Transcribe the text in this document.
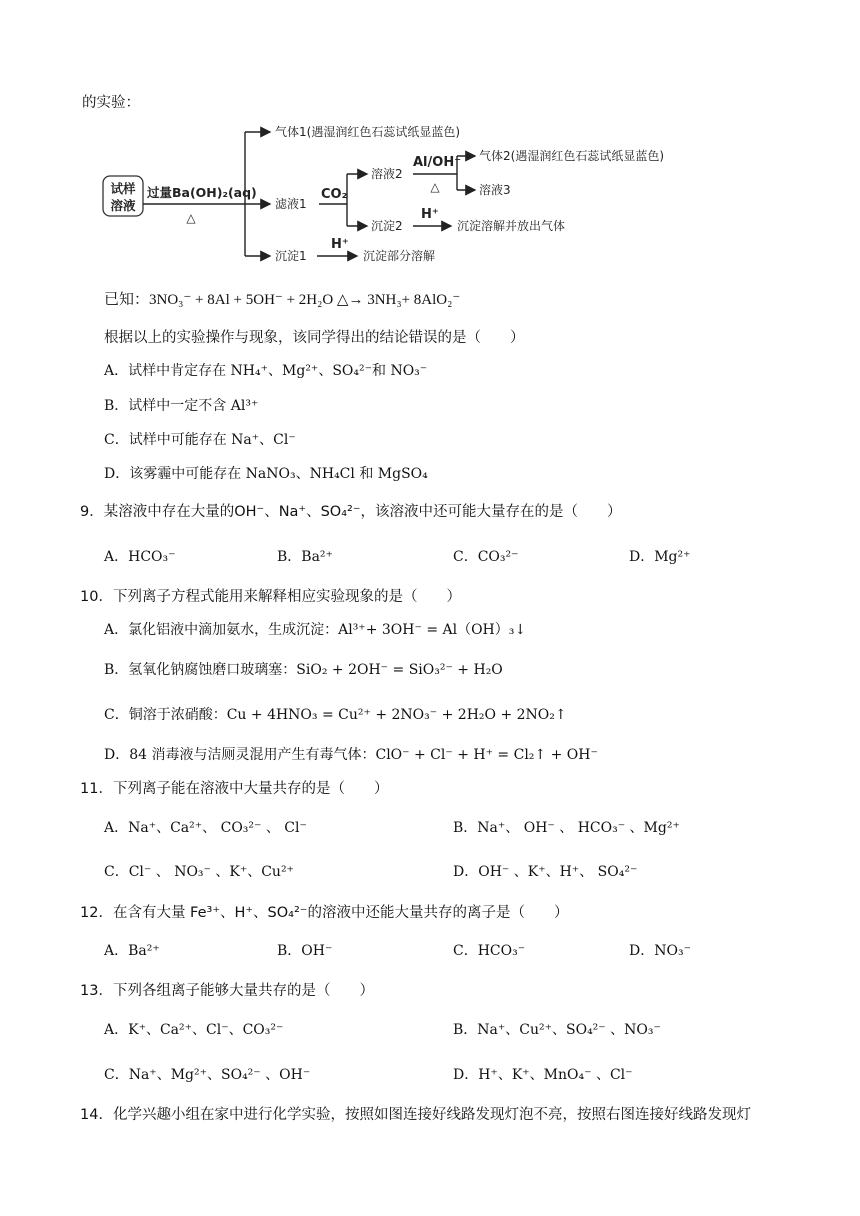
的实验：
试样
溶液
过量Ba(OH)₂(aq)
△
气体1(遇湿润红色石蕊试纸显蓝色)
滤液1
沉淀1
CO₂
溶液2
沉淀2
Al/OH⁻
△
气体2(遇湿润红色石蕊试纸显蓝色)
溶液3
H⁺
沉淀溶解并放出气体
H⁺
沉淀部分溶解
已知：3NO₃⁻ + 8Al + 5OH⁻ + 2H₂O △→ 3NH₃+ 8AlO₂⁻
根据以上的实验操作与现象，该同学得出的结论错误的是（　　）
A．试样中肯定存在 NH₄⁺、Mg²⁺、SO₄²⁻和 NO₃⁻
B．试样中一定不含 Al³⁺
C．试样中可能存在 Na⁺、Cl⁻
D．该雾霾中可能存在 NaNO₃、NH₄Cl 和 MgSO₄
9．某溶液中存在大量的OH⁻、Na⁺、SO₄²⁻，该溶液中还可能大量存在的是（　　）
A．HCO₃⁻	B．Ba²⁺	C．CO₃²⁻	D．Mg²⁺
10．下列离子方程式能用来解释相应实验现象的是（　　）
A．氯化铝液中滴加氨水，生成沉淀：Al³⁺+ 3OH⁻ = Al（OH）₃↓
B．氢氧化钠腐蚀磨口玻璃塞：SiO₂ + 2OH⁻ = SiO₃²⁻ + H₂O
C．铜溶于浓硝酸：Cu + 4HNO₃ = Cu²⁺ + 2NO₃⁻ + 2H₂O + 2NO₂↑
D．84 消毒液与洁厕灵混用产生有毒气体：ClO⁻ + Cl⁻ + H⁺ = Cl₂↑ + OH⁻
11．下列离子能在溶液中大量共存的是（　　）
A．Na⁺、Ca²⁺、 CO₃²⁻ 、 Cl⁻	B．Na⁺、 OH⁻ 、 HCO₃⁻ 、Mg²⁺
C．Cl⁻ 、 NO₃⁻ 、K⁺、Cu²⁺	D．OH⁻ 、K⁺、H⁺、 SO₄²⁻
12．在含有大量 Fe³⁺、H⁺、SO₄²⁻的溶液中还能大量共存的离子是（　　）
A．Ba²⁺	B．OH⁻	C．HCO₃⁻	D．NO₃⁻
13．下列各组离子能够大量共存的是（　　）
A．K⁺、Ca²⁺、Cl⁻、CO₃²⁻	B．Na⁺、Cu²⁺、SO₄²⁻ 、NO₃⁻
C．Na⁺、Mg²⁺、SO₄²⁻ 、OH⁻	D．H⁺、K⁺、MnO₄⁻ 、Cl⁻
14．化学兴趣小组在家中进行化学实验，按照如图连接好线路发现灯泡不亮，按照右图连接好线路发现灯
